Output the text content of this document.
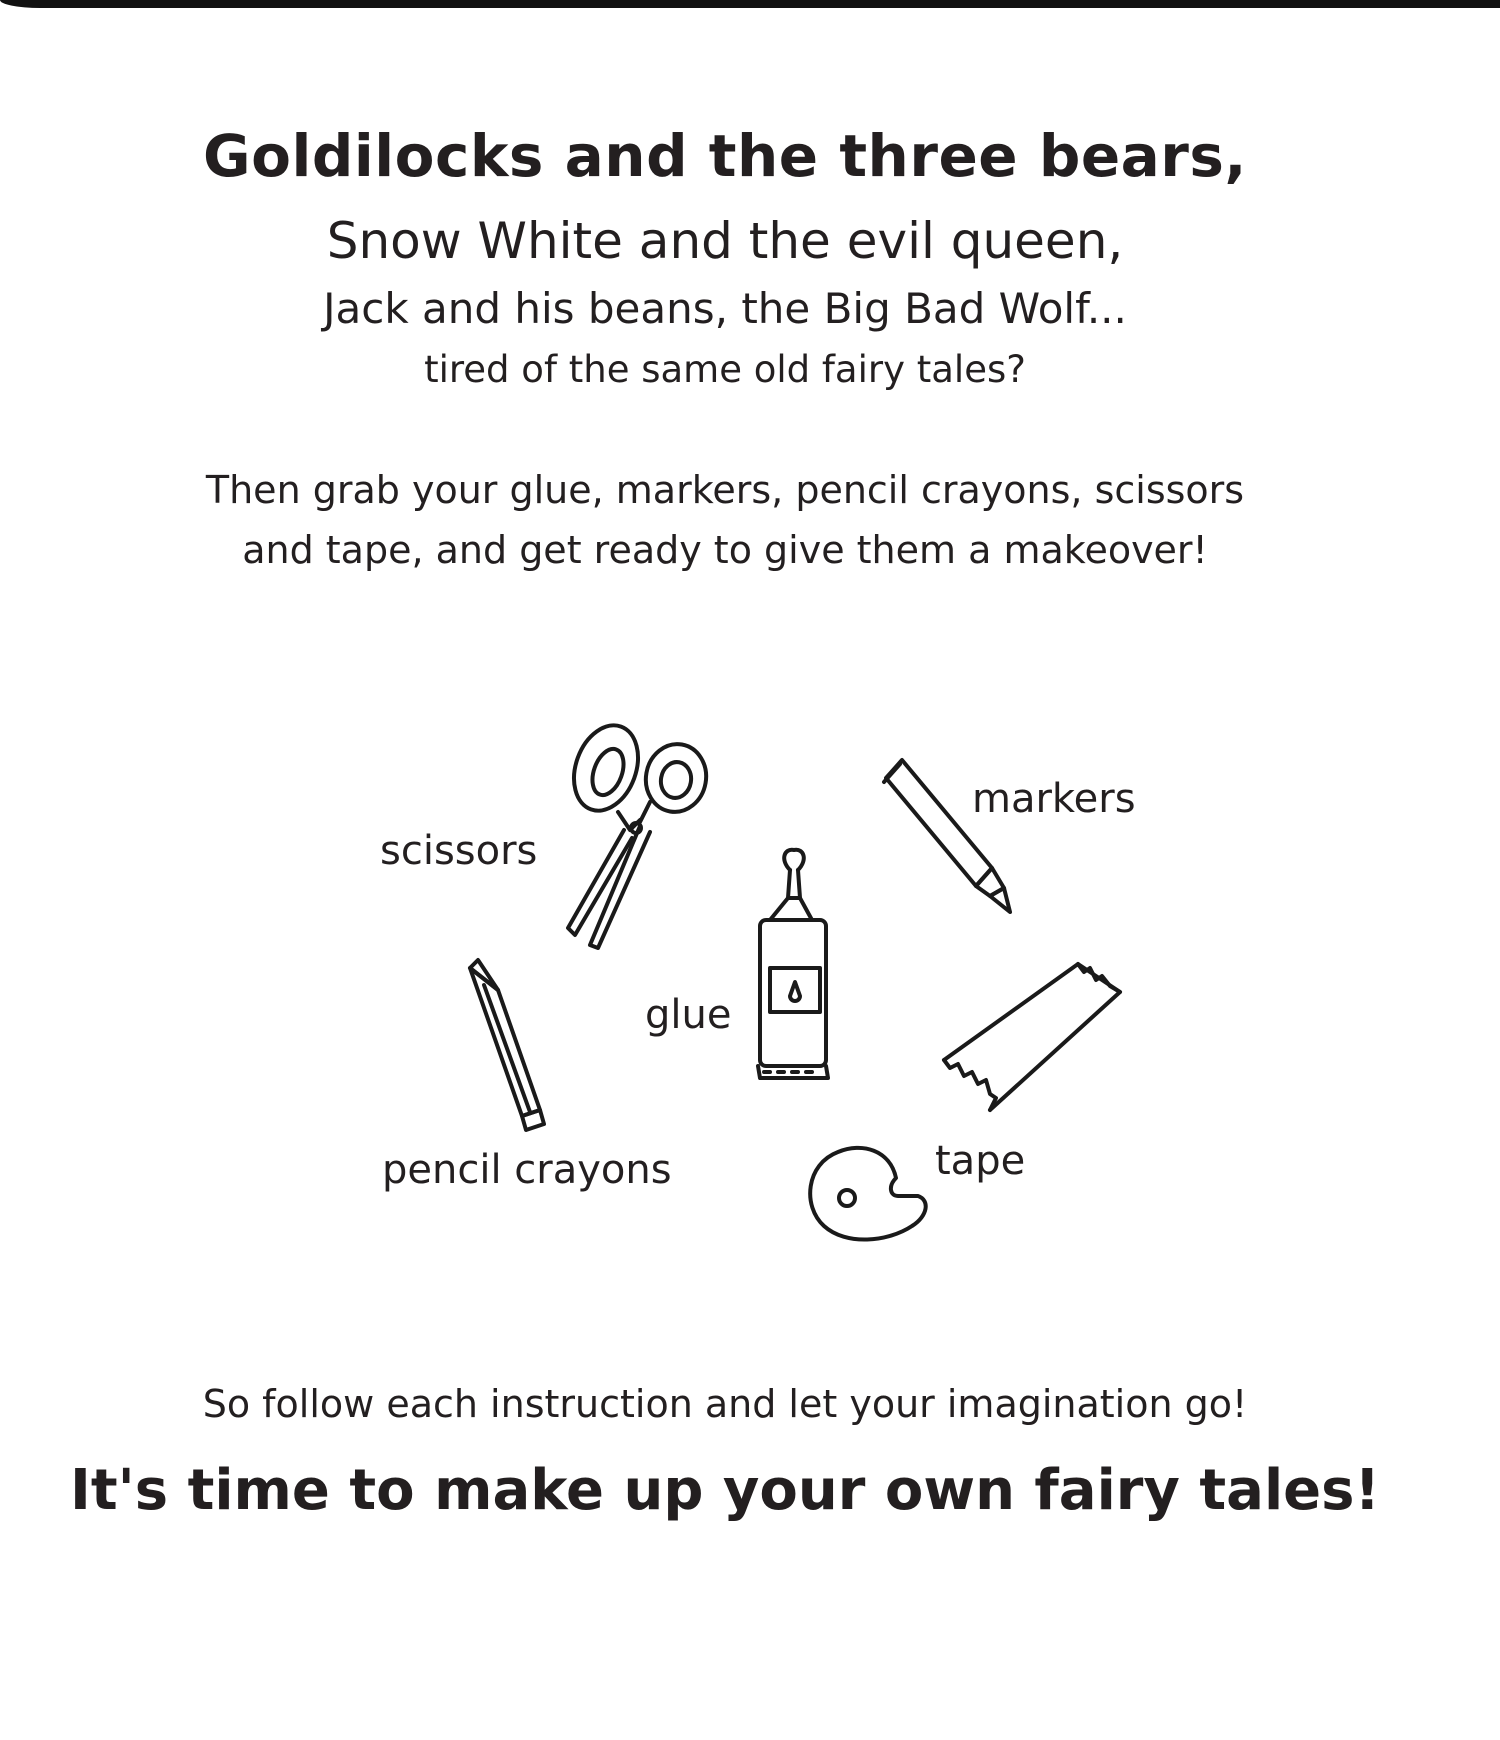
Goldilocks and the three bears,

Snow White and the evil queen,

Jack and his beans, the Big Bad Wolf...

tired of the same old fairy tales?

Then grab your glue, markers, pencil crayons, scissors

and tape, and get ready to give them a makeover!

scissors
markers
glue
pencil crayons	tape

So follow each instruction and let your imagination go!

It's time to make up your own fairy tales!
